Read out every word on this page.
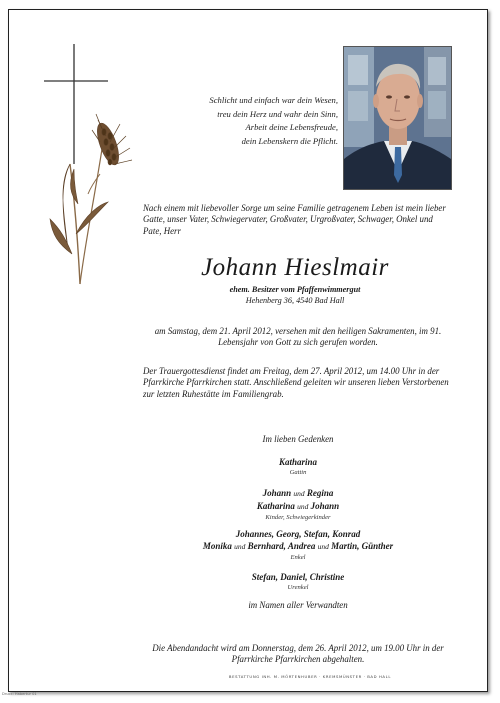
Schlicht und einfach war dein Wesen,
treu dein Herz und wahr dein Sinn,
Arbeit deine Lebensfreude,
dein Lebenskern die Pflicht.
Nach einem mit liebevoller Sorge um seine Familie getragenem Leben ist mein lieber Gatte, unser Vater, Schwiegervater, Großvater, Urgroßvater, Schwager, Onkel und Pate, Herr
Johann Hieslmair
ehem. Besitzer vom Pfaffenwimmergut
Hehenberg 36, 4540 Bad Hall
am Samstag, dem 21. April 2012, versehen mit den heiligen Sakramenten, im 91. Lebensjahr von Gott zu sich gerufen worden.
Der Trauergottesdienst findet am Freitag, dem 27. April 2012, um 14.00 Uhr in der Pfarrkirche Pfarrkirchen statt. Anschließend geleiten wir unseren lieben Verstorbenen zur letzten Ruhestätte im Familiengrab.
Im lieben Gedenken
Katharina
Gattin
Johann und Regina
Katharina und Johann
Kinder, Schwiegerkinder
Johannes, Georg, Stefan, Konrad
Monika und Bernhard, Andrea und Martin, Günther
Enkel
Stefan, Daniel, Christine
Urenkel
im Namen aller Verwandten
Die Abendandacht wird am Donnerstag, dem 26. April 2012, um 19.00 Uhr in der Pfarrkirche Pfarrkirchen abgehalten.
BESTATTUNG INH. M. MÖRTENHUBER · KREMSMÜNSTER · BAD HALL
Druck: Habertur 01
